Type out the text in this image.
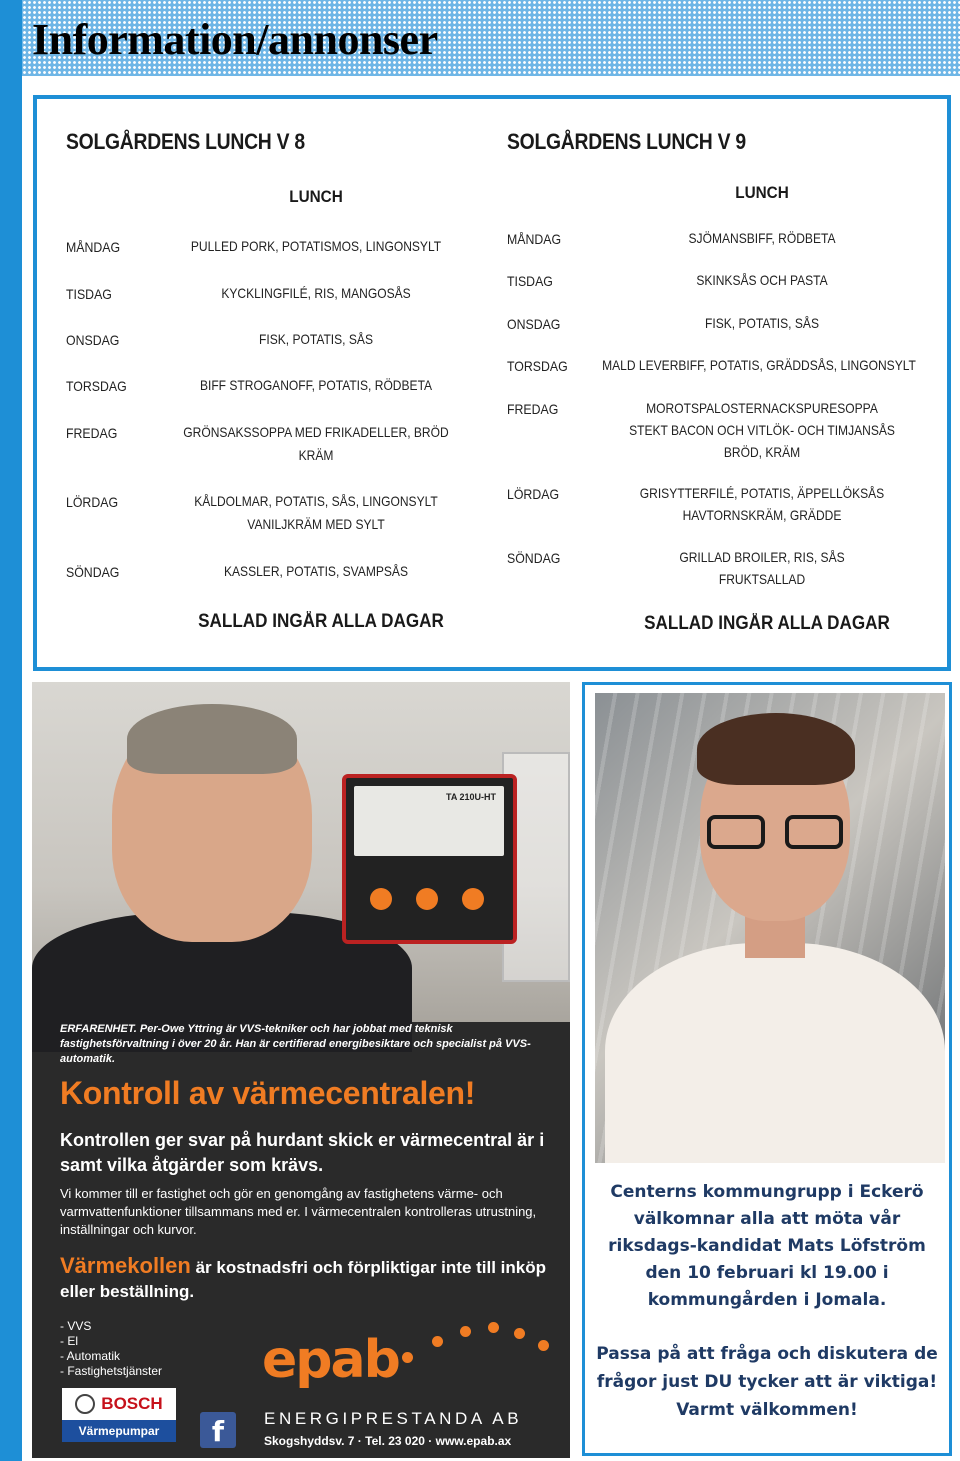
Information/annonser
SOLGÅRDENS LUNCH V 8
LUNCH
MÅNDAG	PULLED PORK, POTATISMOS, LINGONSYLT
TISDAG	KYCKLINGFILÉ, RIS, MANGOSÅS
ONSDAG	FISK, POTATIS, SÅS
TORSDAG	BIFF STROGANOFF, POTATIS, RÖDBETA
FREDAG	GRÖNSAKSSOPPA MED FRIKADELLER, BRÖD
KRÄM
LÖRDAG	KÅLDOLMAR, POTATIS, SÅS, LINGONSYLT
VANILJKRÄM MED SYLT
SÖNDAG	KASSLER, POTATIS, SVAMPSÅS
SALLAD INGÅR ALLA DAGAR
SOLGÅRDENS LUNCH V 9
LUNCH
MÅNDAG	SJÖMANSBIFF, RÖDBETA
TISDAG	SKINKSÅS OCH PASTA
ONSDAG	FISK, POTATIS, SÅS
TORSDAG	MALD LEVERBIFF, POTATIS, GRÄDDSÅS, LINGONSYLT
FREDAG	MOROTSPALOSTERNACKSPURESOPPA
STEKT BACON OCH VITLÖK- OCH TIMJANSÅS
BRÖD, KRÄM
LÖRDAG	GRISYTTERFILÉ, POTATIS, ÄPPELLÖKSÅS
HAVTORNSKRÄM, GRÄDDE
SÖNDAG	GRILLAD BROILER, RIS, SÅS
FRUKTSALLAD
SALLAD INGÅR ALLA DAGAR
TA 210U-HT
ERFARENHET. Per-Owe Yttring är VVS-tekniker och har jobbat med teknisk fastighetsförvaltning i över 20 år. Han är certifierad energibesiktare och specialist på VVS-automatik.
Kontroll av värmecentralen!
Kontrollen ger svar på hurdant skick er värmecentral är i samt vilka åtgärder som krävs.
Vi kommer till er fastighet och gör en genomgång av fastighetens värme- och varmvattenfunktioner tillsammans med er. I värmecentralen kontrolleras utrustning, inställningar och kurvor.
Värmekollen är kostnadsfri och förpliktigar inte till inköp eller beställning.
- VVS
- El
- Automatik
- Fastighetstjänster
BOSCH
Värmepumpar	f
epab
ENERGIPRESTANDA AB
Skogshyddsv. 7 · Tel. 23 020 · www.epab.ax
Centerns kommungrupp i Eckerö
välkomnar alla att möta vår
riksdags-kandidat Mats Löfström
den 10 februari kl 19.00 i
kommungården i Jomala.
Passa på att fråga och diskutera de
frågor just DU tycker att är viktiga!
Varmt välkommen!
